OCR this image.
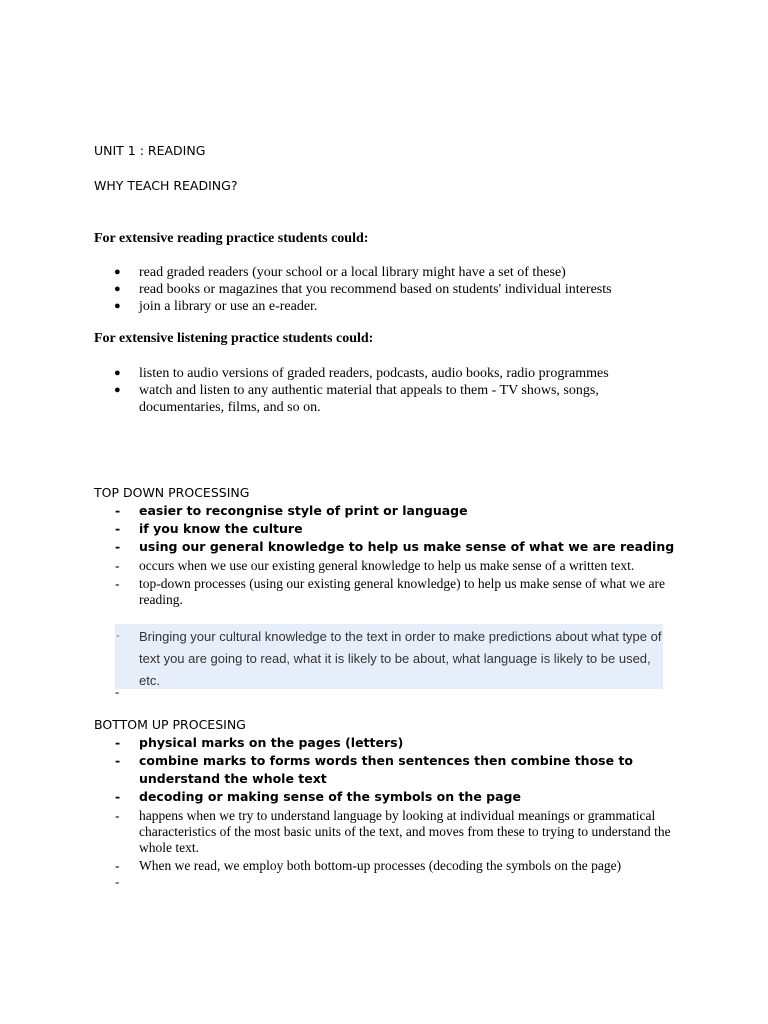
UNIT 1 : READING
WHY TEACH READING?
For extensive reading practice students could:
● read graded readers (your school or a local library might have a set of these)
● read books or magazines that you recommend based on students' individual interests
● join a library or use an e-reader.
For extensive listening practice students could:
● listen to audio versions of graded readers, podcasts, audio books, radio programmes
● watch and listen to any authentic material that appeals to them - TV shows, songs,
documentaries, films, and so on.
TOP DOWN PROCESSING
- easier to recongnise style of print or language
- if you know the culture
- using our general knowledge to help us make sense of what we are reading
- occurs when we use our existing general knowledge to help us make sense of a written text.
- top-down processes (using our existing general knowledge) to help us make sense of what we are reading.
- Bringing your cultural knowledge to the text in order to make predictions about what type of text you are going to read, what it is likely to be about, what language is likely to be used, etc.
-
BOTTOM UP PROCESING
- physical marks on the pages (letters)
- combine marks to forms words then sentences then combine those to understand the whole text
- decoding or making sense of the symbols on the page
- happens when we try to understand language by looking at individual meanings or grammatical characteristics of the most basic units of the text, and moves from these to trying to understand the whole text.
- When we read, we employ both bottom-up processes (decoding the symbols on the page)
-
